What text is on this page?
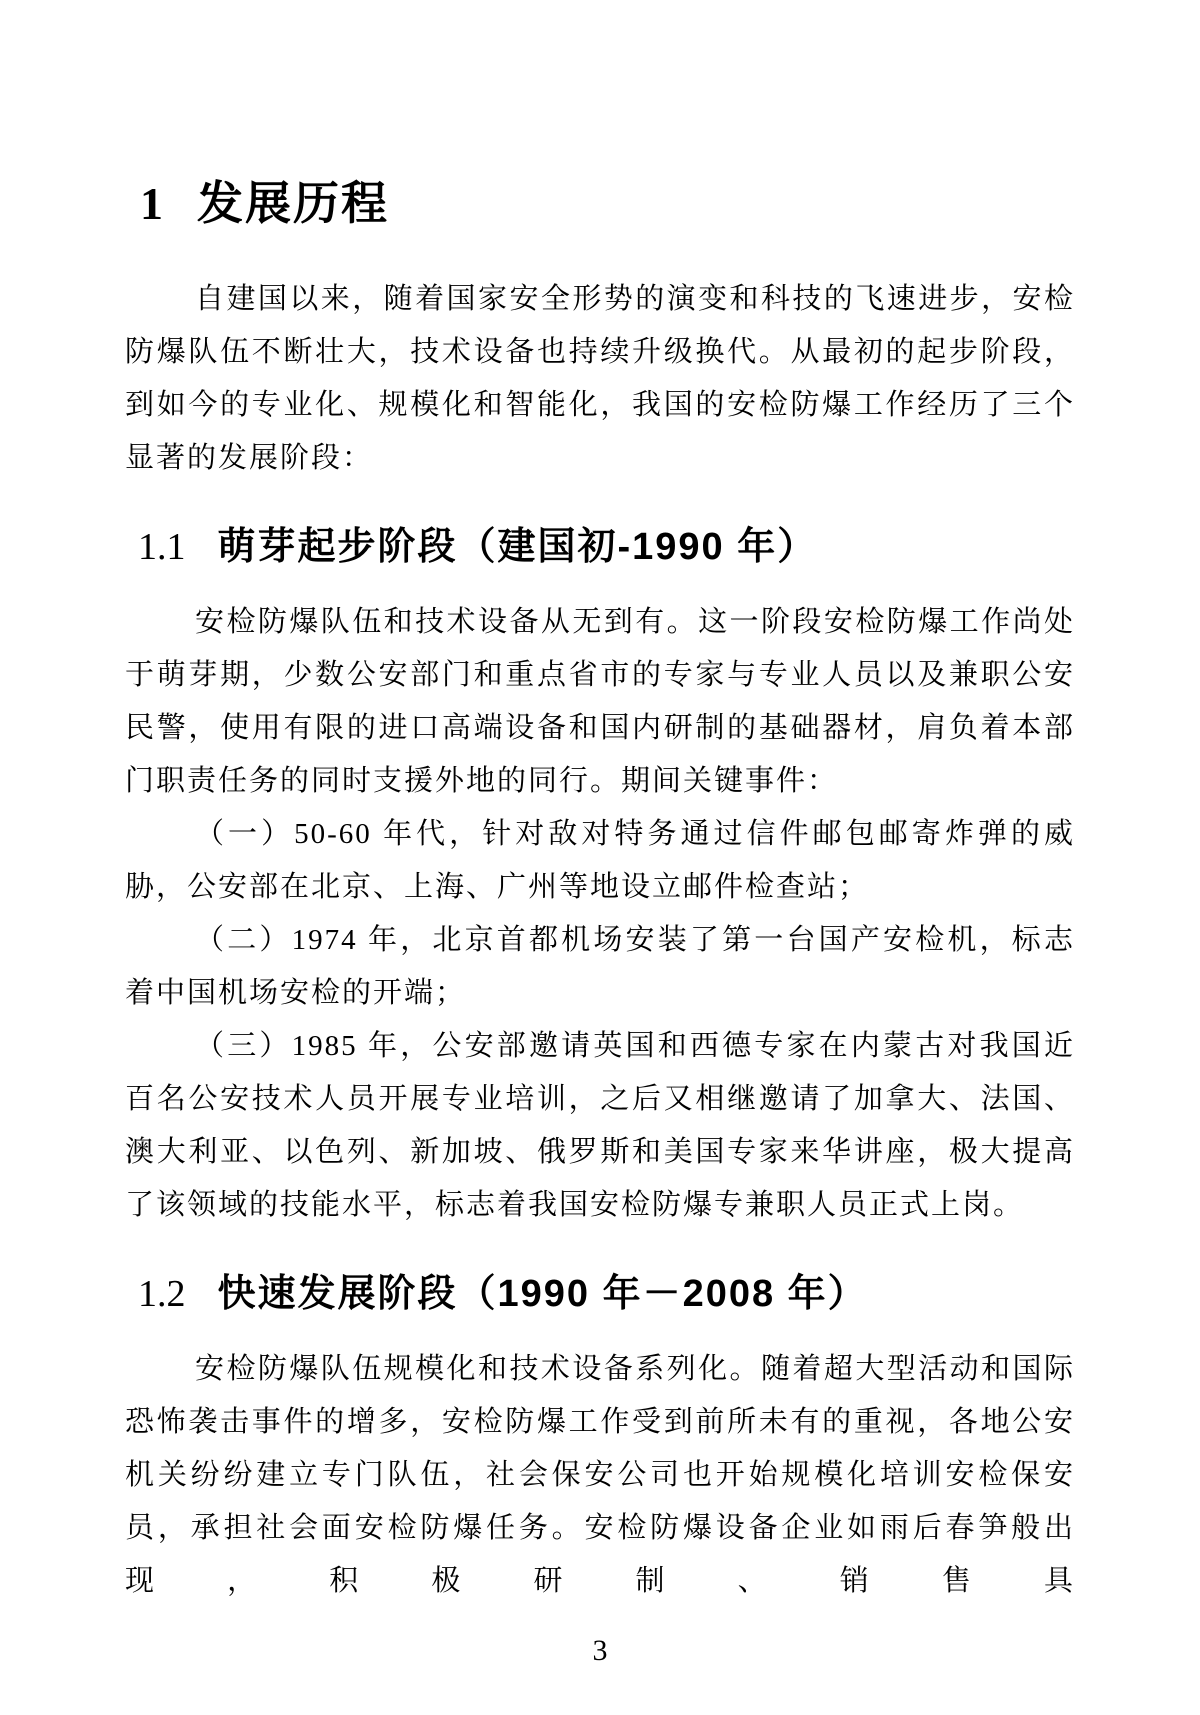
1 发展历程

自建国以来，随着国家安全形势的演变和科技的飞速进步，安检防爆队伍不断壮大，技术设备也持续升级换代。从最初的起步阶段，到如今的专业化、规模化和智能化，我国的安检防爆工作经历了三个显著的发展阶段：

1.1 萌芽起步阶段（建国初-1990 年）

安检防爆队伍和技术设备从无到有。这一阶段安检防爆工作尚处于萌芽期，少数公安部门和重点省市的专家与专业人员以及兼职公安民警，使用有限的进口高端设备和国内研制的基础器材，肩负着本部门职责任务的同时支援外地的同行。期间关键事件：

（一）50-60 年代，针对敌对特务通过信件邮包邮寄炸弹的威胁，公安部在北京、上海、广州等地设立邮件检查站；

（二）1974 年，北京首都机场安装了第一台国产安检机，标志着中国机场安检的开端；

（三）1985 年，公安部邀请英国和西德专家在内蒙古对我国近百名公安技术人员开展专业培训，之后又相继邀请了加拿大、法国、澳大利亚、以色列、新加坡、俄罗斯和美国专家来华讲座，极大提高了该领域的技能水平，标志着我国安检防爆专兼职人员正式上岗。

1.2 快速发展阶段（1990 年－2008 年）

安检防爆队伍规模化和技术设备系列化。随着超大型活动和国际恐怖袭击事件的增多，安检防爆工作受到前所未有的重视，各地公安机关纷纷建立专门队伍，社会保安公司也开始规模化培训安检保安员，承担社会面安检防爆任务。安检防爆设备企业如雨后春笋般出现，积极研制、销售具

3
